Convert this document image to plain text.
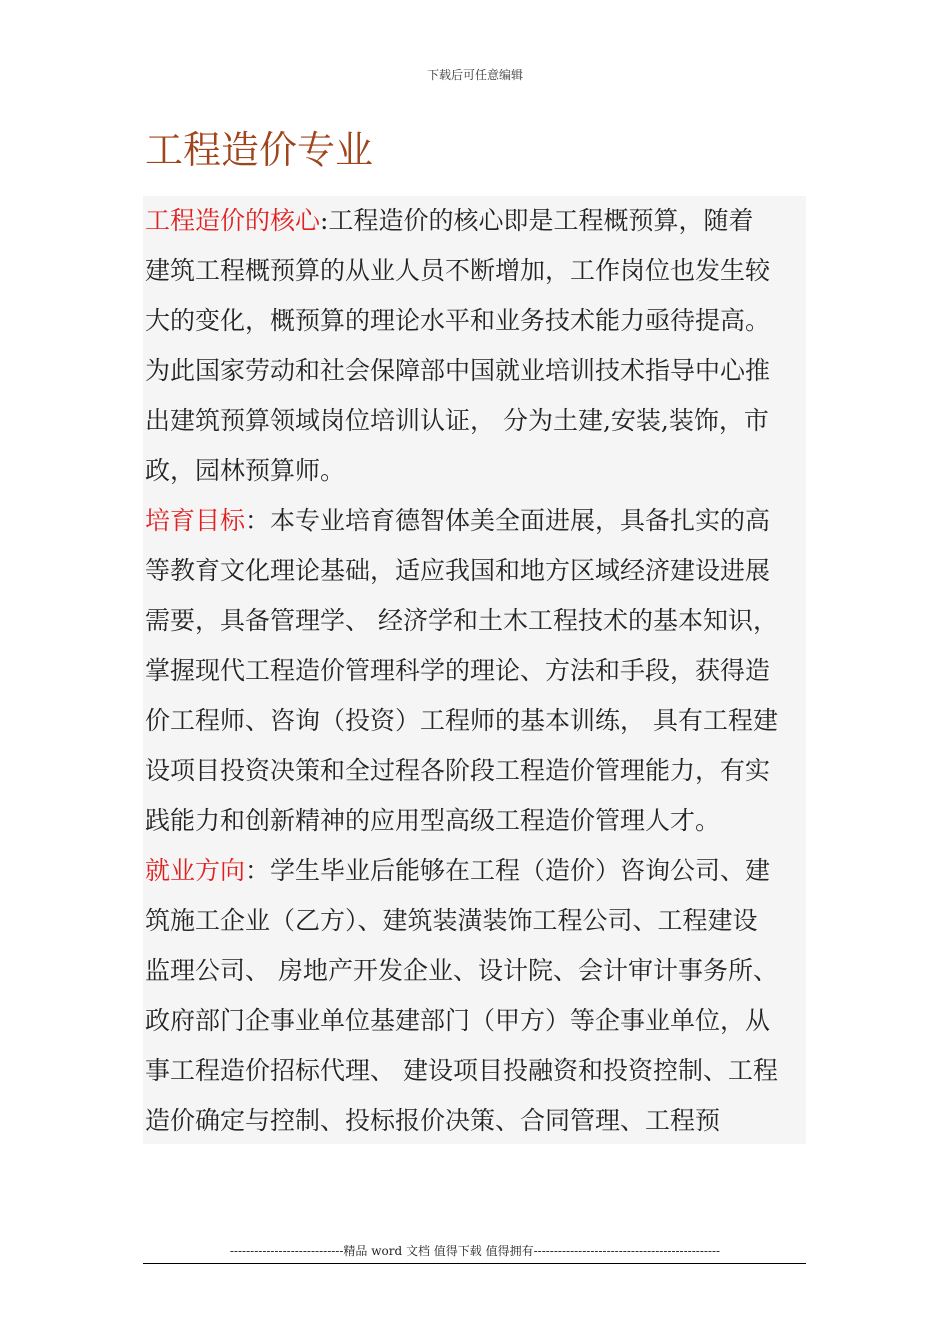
下载后可任意编辑
工程造价专业
工程造价的核心:工程造价的核心即是工程概预算，随着
建筑工程概预算的从业人员不断增加，工作岗位也发生较
大的变化，概预算的理论水平和业务技术能力亟待提高。
为此国家劳动和社会保障部中国就业培训技术指导中心推
出建筑预算领域岗位培训认证， 分为土建,安装,装饰，市
政，园林预算师。
培育目标：本专业培育德智体美全面进展，具备扎实的高
等教育文化理论基础，适应我国和地方区域经济建设进展
需要，具备管理学、 经济学和土木工程技术的基本知识，
掌握现代工程造价管理科学的理论、方法和手段，获得造
价工程师、咨询（投资）工程师的基本训练， 具有工程建
设项目投资决策和全过程各阶段工程造价管理能力，有实
践能力和创新精神的应用型高级工程造价管理人才。
就业方向：学生毕业后能够在工程（造价）咨询公司、建
筑施工企业（乙方）、建筑装潢装饰工程公司、工程建设
监理公司、 房地产开发企业、设计院、会计审计事务所、
政府部门企事业单位基建部门（甲方）等企事业单位，从
事工程造价招标代理、 建设项目投融资和投资控制、工程
造价确定与控制、投标报价决策、合同管理、工程预
----------------------------精品 word 文档 值得下载 值得拥有----------------------------------------------
